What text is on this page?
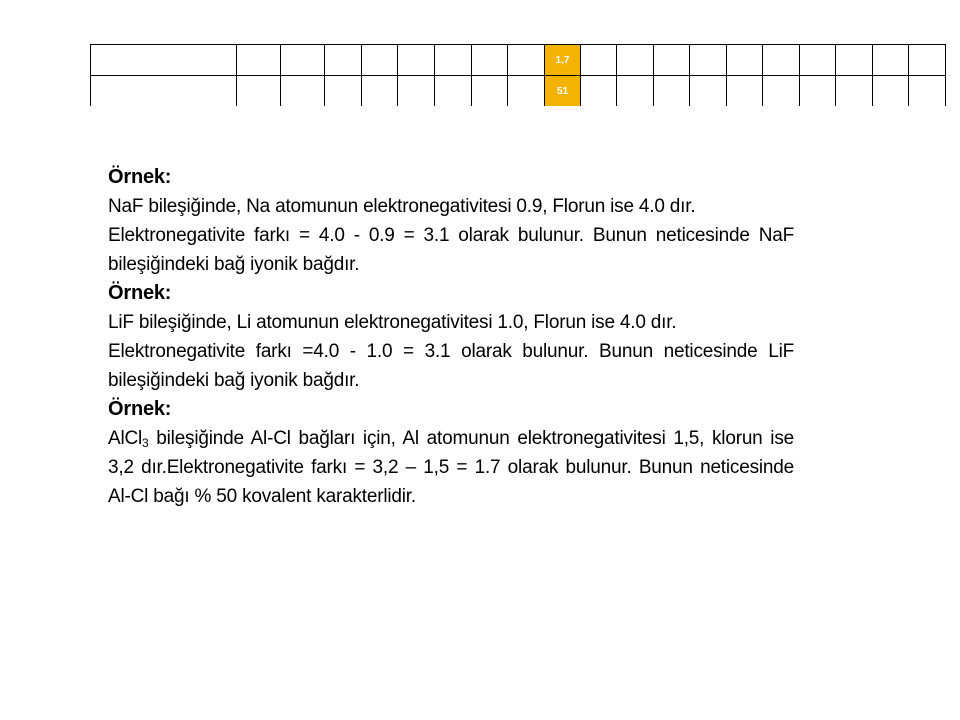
									1,7										
									51										

Örnek:

NaF bileşiğinde, Na atomunun elektronegativitesi 0.9, Florun ise 4.0 dır.

Elektronegativite farkı = 4.0 - 0.9 = 3.1 olarak bulunur. Bunun neticesinde NaF bileşiğindeki bağ iyonik bağdır.

Örnek:

LiF bileşiğinde, Li atomunun elektronegativitesi 1.0, Florun ise 4.0 dır.

Elektronegativite farkı =4.0 - 1.0 = 3.1 olarak bulunur. Bunun neticesinde LiF bileşiğindeki bağ iyonik bağdır.

Örnek:

AlCl$_3$ bileşiğinde Al-Cl bağları için, Al atomunun elektronegativitesi 1,5, klorun ise 3,2 dır.Elektronegativite farkı = 3,2 – 1,5 = 1.7 olarak bulunur. Bunun neticesinde Al-Cl bağı % 50 kovalent karakterlidir.
